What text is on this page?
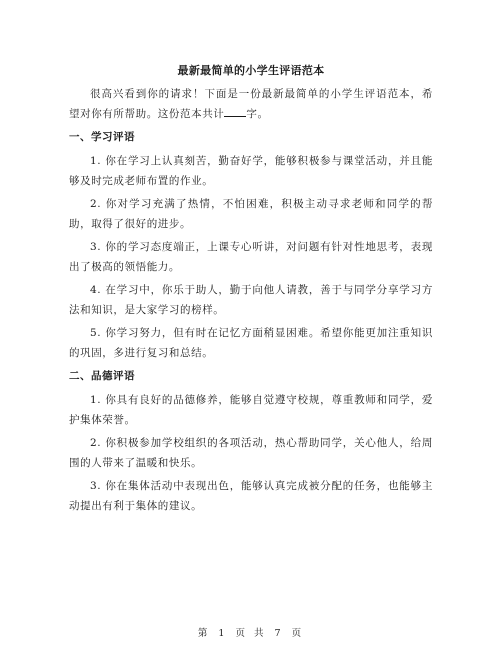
最新最简单的小学生评语范本

很高兴看到你的请求！下面是一份最新最简单的小学生评语范本，希望对你有所帮助。这份范本共计 字。

一、学习评语

1. 你在学习上认真刻苦，勤奋好学，能够积极参与课堂活动，并且能够及时完成老师布置的作业。

2. 你对学习充满了热情，不怕困难，积极主动寻求老师和同学的帮助，取得了很好的进步。

3. 你的学习态度端正，上课专心听讲，对问题有针对性地思考，表现出了极高的领悟能力。

4. 在学习中，你乐于助人，勤于向他人请教，善于与同学分享学习方法和知识，是大家学习的榜样。

5. 你学习努力，但有时在记忆方面稍显困难。希望你能更加注重知识的巩固，多进行复习和总结。

二、品德评语

1. 你具有良好的品德修养，能够自觉遵守校规，尊重教师和同学，爱护集体荣誉。

2. 你积极参加学校组织的各项活动，热心帮助同学，关心他人，给周围的人带来了温暖和快乐。

3. 你在集体活动中表现出色，能够认真完成被分配的任务，也能够主动提出有利于集体的建议。

第 1 页 共 7 页
